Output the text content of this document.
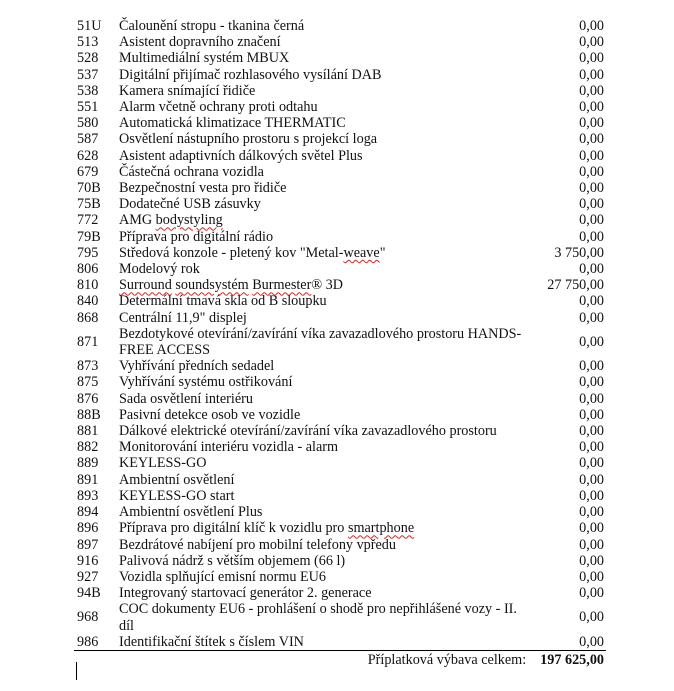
51U	Čalounění stropu - tkanina černá	0,00
513	Asistent dopravního značení	0,00
528	Multimediální systém MBUX	0,00
537	Digitální přijímač rozhlasového vysílání DAB	0,00
538	Kamera snímající řidiče	0,00
551	Alarm včetně ochrany proti odtahu	0,00
580	Automatická klimatizace THERMATIC	0,00
587	Osvětlení nástupního prostoru s projekcí loga	0,00
628	Asistent adaptivních dálkových světel Plus	0,00
679	Částečná ochrana vozidla	0,00
70B	Bezpečnostní vesta pro řidiče	0,00
75B	Dodatečné USB zásuvky	0,00
772	AMG bodystyling	0,00
79B	Příprava pro digitální rádio	0,00
795	Středová konzole - pletený kov "Metal-weave"	3 750,00
806	Modelový rok	0,00
810	Surround soundsystém Burmester® 3D	27 750,00
840	Determální tmavá skla od B sloupku	0,00
868	Centrální 11,9" displej	0,00
871	Bezdotykové otevírání/zavírání víka zavazadlového prostoru HANDS-FREE ACCESS	0,00
873	Vyhřívání předních sedadel	0,00
875	Vyhřívání systému ostřikování	0,00
876	Sada osvětlení interiéru	0,00
88B	Pasivní detekce osob ve vozidle	0,00
881	Dálkové elektrické otevírání/zavírání víka zavazadlového prostoru	0,00
882	Monitorování interiéru vozidla - alarm	0,00
889	KEYLESS-GO	0,00
891	Ambientní osvětlení	0,00
893	KEYLESS-GO start	0,00
894	Ambientní osvětlení Plus	0,00
896	Příprava pro digitální klíč k vozidlu pro smartphone	0,00
897	Bezdrátové nabíjení pro mobilní telefony vpředu	0,00
916	Palivová nádrž s větším objemem (66 l)	0,00
927	Vozidla splňující emisní normu EU6	0,00
94B	Integrovaný startovací generátor 2. generace	0,00
968	COC dokumenty EU6 - prohlášení o shodě pro nepřihlášené vozy - II. díl	0,00
986	Identifikační štítek s číslem VIN	0,00
Příplatková výbava celkem: 197 625,00
